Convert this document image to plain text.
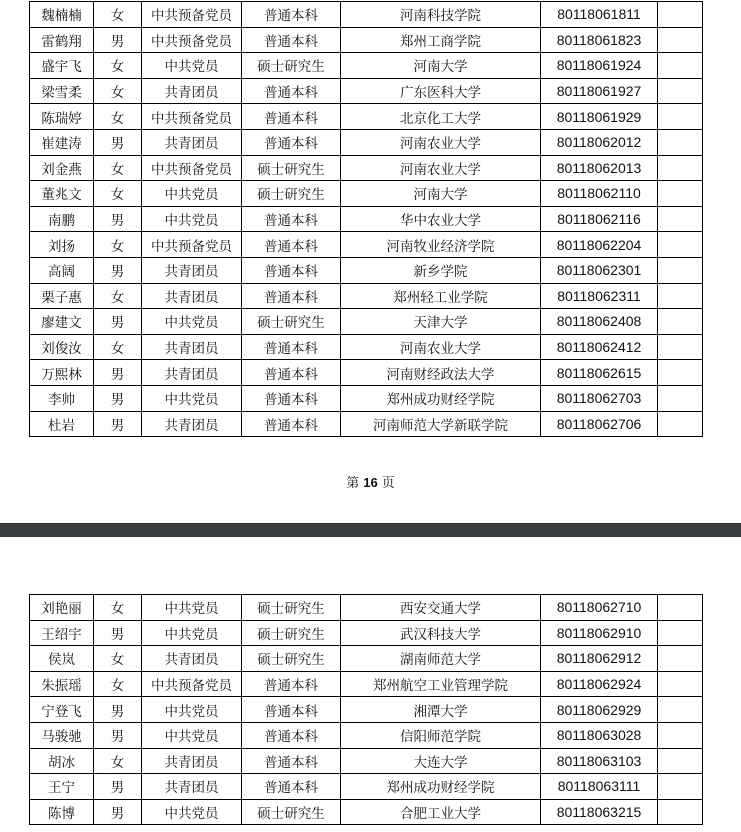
魏楠楠	女	中共预备党员	普通本科	河南科技学院	80118061811	
雷鹤翔	男	中共预备党员	普通本科	郑州工商学院	80118061823	
盛宇飞	女	中共党员	硕士研究生	河南大学	80118061924	
梁雪柔	女	共青团员	普通本科	广东医科大学	80118061927	
陈瑞婷	女	中共预备党员	普通本科	北京化工大学	80118061929	
崔建涛	男	共青团员	普通本科	河南农业大学	80118062012	
刘金燕	女	中共预备党员	硕士研究生	河南农业大学	80118062013	
董兆文	女	中共党员	硕士研究生	河南大学	80118062110	
南鹏	男	中共党员	普通本科	华中农业大学	80118062116	
刘扬	女	中共预备党员	普通本科	河南牧业经济学院	80118062204	
高阔	男	共青团员	普通本科	新乡学院	80118062301	
栗子惠	女	共青团员	普通本科	郑州轻工业学院	80118062311	
廖建文	男	中共党员	硕士研究生	天津大学	80118062408	
刘俊汝	女	共青团员	普通本科	河南农业大学	80118062412	
万熙林	男	共青团员	普通本科	河南财经政法大学	80118062615	
李帅	男	中共党员	普通本科	郑州成功财经学院	80118062703	
杜岩	男	共青团员	普通本科	河南师范大学新联学院	80118062706	
第 16 页
刘艳丽	女	中共党员	硕士研究生	西安交通大学	80118062710	
王绍宇	男	中共党员	硕士研究生	武汉科技大学	80118062910	
侯岚	女	共青团员	硕士研究生	湖南师范大学	80118062912	
朱振瑶	女	中共预备党员	普通本科	郑州航空工业管理学院	80118062924	
宁登飞	男	中共党员	普通本科	湘潭大学	80118062929	
马骏驰	男	中共党员	普通本科	信阳师范学院	80118063028	
胡冰	女	共青团员	普通本科	大连大学	80118063103	
王宁	男	共青团员	普通本科	郑州成功财经学院	80118063111	
陈博	男	中共党员	硕士研究生	合肥工业大学	80118063215	
